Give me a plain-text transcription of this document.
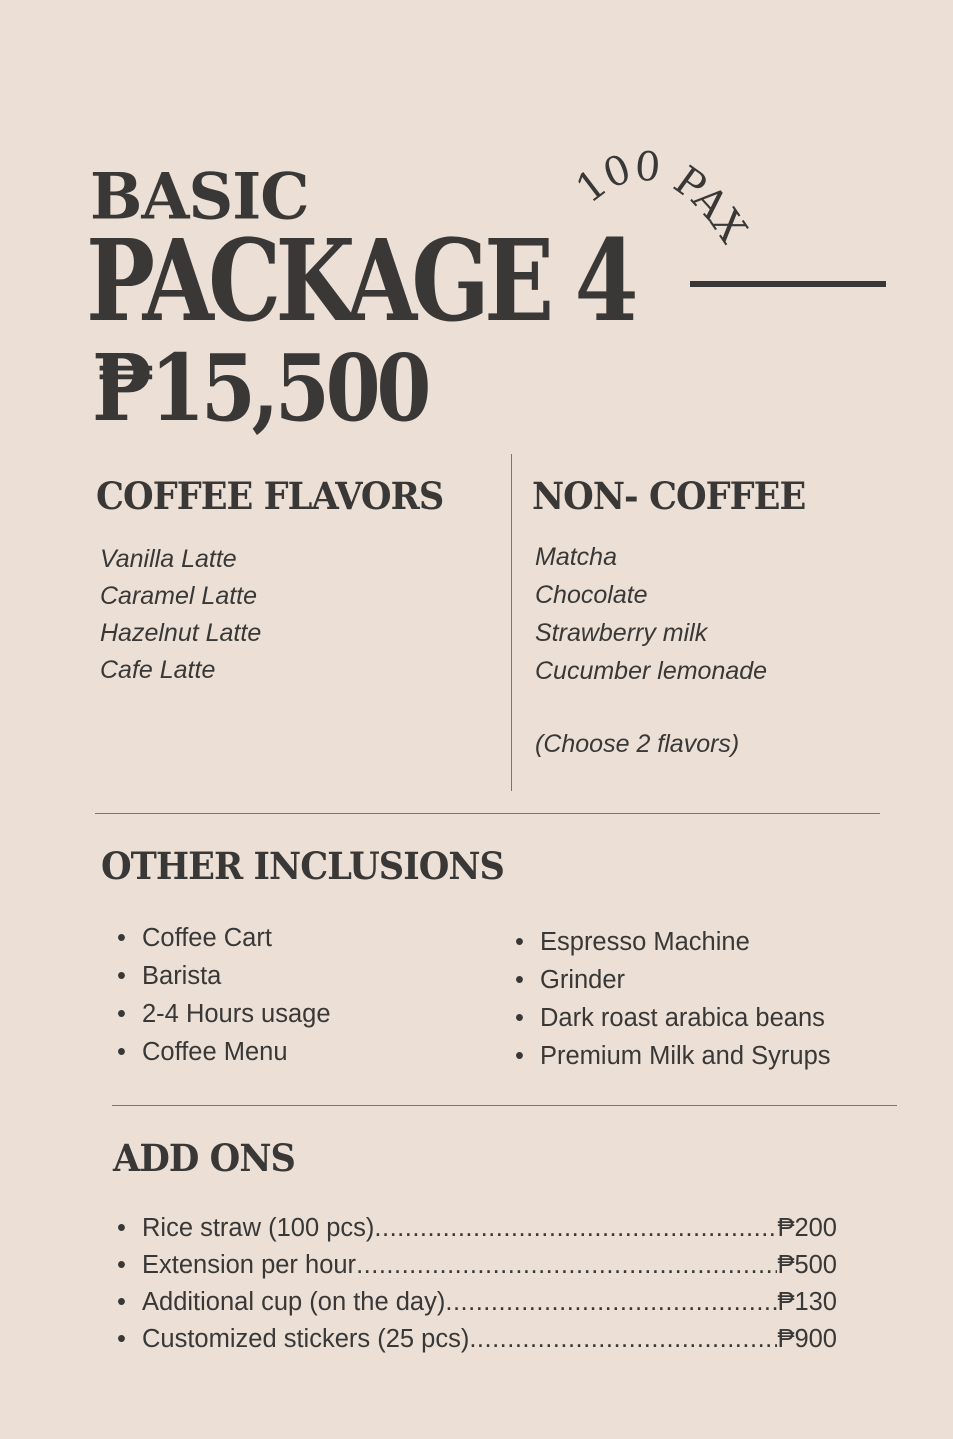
BASIC
PACKAGE 4
100 PAX
₱15,500
COFFEE FLAVORS NON- COFFEE
Vanilla Latte
Caramel Latte
Hazelnut Latte
Cafe Latte
Matcha
Chocolate
Strawberry milk
Cucumber lemonade
(Choose 2 flavors)
OTHER INCLUSIONS
• Coffee Cart
• Barista
• 2-4 Hours usage
• Coffee Menu
• Espresso Machine
• Grinder
• Dark roast arabica beans
• Premium Milk and Syrups
ADD ONS
• Rice straw (100 pcs) .....	₱200
• Extension per hour .....	₱500
• Additional cup (on the day) .....	₱130
• Customized stickers (25 pcs) .....	₱900
